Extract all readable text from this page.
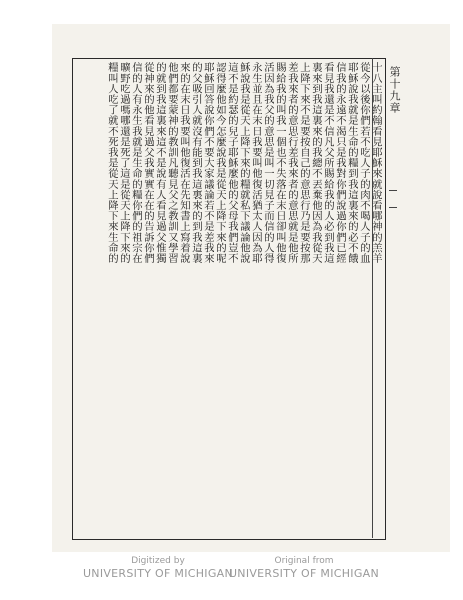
第十九章
十八主叫約翰看見耶穌來就說看哪神的羔羊
從今以後你們若不吃人子的肉不喝人子的血
耶穌說我就是生命的糧到我這裏來的必不餓
信我的永遠不渴只是我對你們說過你們已經
看見我還是不信凡父所賜給我的人必到我這
裏來到我這裏來的我總不丟棄他因為我從天
上降下來不是要按自己的意思行乃是要按那
差我來者的意思行差我來者的意思就是他所
賜給我的叫我一個也不失落在末日卻叫他復
活因為我父的意思是叫一切見子而信的人得
永生並且在末日我要叫他復活猶太人因為耶
穌說我是從天上降下來的糧就私下議論他說
這不是約瑟的兒子耶穌麼他的父母我們豈不
認得麼他如今怎麼說我是從天上降下來的呢
耶穌回答說你們不要大家議論若不是差我來
的父吸引人就沒有能到我這裏來的到我這裏
來的在末日我要叫他復活在先知書上寫着說
他們都要蒙神的教訓凡聽見父之教訓又學習
的就到我這裏來這不是說有人看見過父惟獨
從神來的他看見過父我實實在在的告訴你們
信的人有永生我就是生命的糧你們的祖宗在
曠野吃過嗎哪還是死了這是從天上降下來的
糧叫人吃了就不死我是從天上降下來生命的
Digitized by
UNIVERSITY OF MICHIGAN
Original from
UNIVERSITY OF MICHIGAN
